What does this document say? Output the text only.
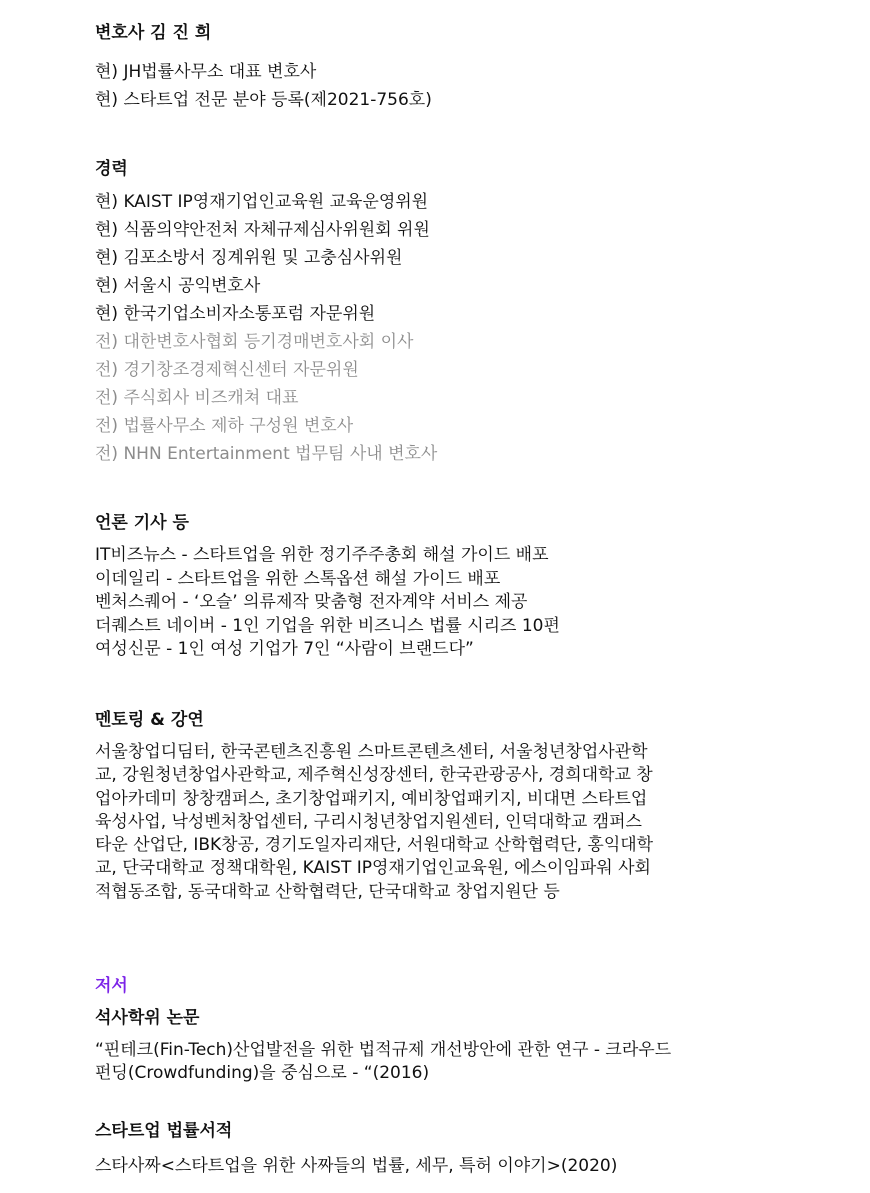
변호사 김 진 희

현) JH법률사무소 대표 변호사

현) 스타트업 전문 분야 등록(제2021-756호)

경력

현) KAIST IP영재기업인교육원 교육운영위원

현) 식품의약안전처 자체규제심사위원회 위원

현) 김포소방서 징계위원 및 고충심사위원

현) 서울시 공익변호사

현) 한국기업소비자소통포럼 자문위원

전) 대한변호사협회 등기경매변호사회 이사

전) 경기창조경제혁신센터 자문위원

전) 주식회사 비즈캐쳐 대표

전) 법률사무소 제하 구성원 변호사

전) NHN Entertainment 법무팀 사내 변호사

언론 기사 등

IT비즈뉴스 - 스타트업을 위한 정기주주총회 해설 가이드 배포

이데일리 - 스타트업을 위한 스톡옵션 해설 가이드 배포

벤처스퀘어 - ‘오슬’ 의류제작 맞춤형 전자계약 서비스 제공

더퀘스트 네이버 - 1인 기업을 위한 비즈니스 법률 시리즈 10편

여성신문 - 1인 여성 기업가 7인 “사람이 브랜드다”

멘토링 & 강연

서울창업디딤터, 한국콘텐츠진흥원 스마트콘텐츠센터, 서울청년창업사관학교, 강원청년창업사관학교, 제주혁신성장센터, 한국관광공사, 경희대학교 창업아카데미 창창캠퍼스, 초기창업패키지, 예비창업패키지, 비대면 스타트업 육성사업, 낙성벤처창업센터, 구리시청년창업지원센터, 인덕대학교 캠퍼스타운 산업단, IBK창공, 경기도일자리재단, 서원대학교 산학협력단, 홍익대학교, 단국대학교 정책대학원, KAIST IP영재기업인교육원, 에스이임파워 사회적협동조합, 동국대학교 산학협력단, 단국대학교 창업지원단 등

저서
석사학위 논문

“핀테크(Fin-Tech)산업발전을 위한 법적규제 개선방안에 관한 연구 - 크라우드 펀딩(Crowdfunding)을 중심으로 - “(2016)

스타트업 법률서적

스타사짜<스타트업을 위한 사짜들의 법률, 세무, 특허 이야기>(2020)
